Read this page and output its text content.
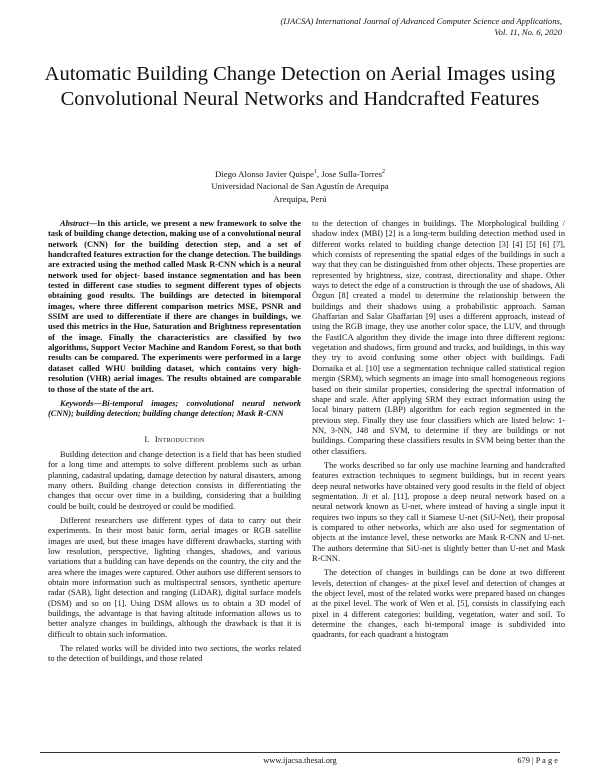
(IJACSA) International Journal of Advanced Computer Science and Applications,
Vol. 11, No. 6, 2020
Automatic Building Change Detection on Aerial Images using Convolutional Neural Networks and Handcrafted Features

Diego Alonso Javier Quispe$^1$, Jose Sulla-Torres$^2$

Universidad Nacional de San Agustín de Arequipa

Arequipa, Perú

Abstract—In this article, we present a new framework to solve the task of building change detection, making use of a convolutional neural network (CNN) for the building detection step, and a set of handcrafted features extraction for the change detection. The buildings are extracted using the method called Mask R-CNN which is a neural network used for object- based instance segmentation and has been tested in different case studies to segment different types of objects obtaining good results. The buildings are detected in bitemporal images, where three different comparison metrics MSE, PSNR and SSIM are used to differentiate if there are changes in buildings, we used this metrics in the Hue, Saturation and Brightness representation of the image. Finally the characteristics are classified by two algorithms, Support Vector Machine and Random Forest, so that both results can be compared. The experiments were performed in a large dataset called WHU building dataset, which contains very high-resolution (VHR) aerial images. The results obtained are comparable to those of the state of the art.

Keywords—Bi-temporal images; convolutional neural network (CNN); building detection; building change detection; Mask R-CNN

I. Introduction

Building detection and change detection is a field that has been studied for a long time and attempts to solve different problems such as urban planning, cadastral updating, damage detection by natural disasters, among many others. Building change detection consists in differentiating the changes that occur over time in a building, considering that a building could be built, could be destroyed or could be modified.

Different researchers use different types of data to carry out their experiments. In their most basic form, aerial images or RGB satellite images are used, but these images have different drawbacks, starting with low resolution, perspective, lighting changes, shadows, and various variations that a building can have depends on the country, the city and the area where the images were captured. Other authors use different sensors to obtain more information such as multispectral sensors, synthetic aperture radar (SAR), light detection and ranging (LiDAR), digital surface models (DSM) and so on [1]. Using DSM allows us to obtain a 3D model of buildings, the advantage is that having altitude information allows us to better analyze changes in buildings, although the drawback is that it is difficult to obtain such information.

The related works will be divided into two sections, the works related to the detection of buildings, and those related

to the detection of changes in buildings. The Morphological building / shadow index (MBI) [2] is a long-term building detection method used in different works related to building change detection [3] [4] [5] [6] [7], which consists of representing the spatial edges of the buildings in such a way that they can be distinguished from other objects. These properties are represented by brightness, size, contrast, directionality and shape. Other ways to detect the edge of a construction is through the use of shadows, Ali Özgun [8] created a model to determine the relationship between the buildings and their shadows using a probabilistic approach. Saman Ghaffarian and Salar Ghaffarian [9] uses a different approach, instead of using the RGB image, they use another color space, the LUV, and through the FastICA algorithm they divide the image into three different regions: vegetation and shadows, firm ground and tracks, and buildings, in this way they try to avoid confusing some other object with buildings. Fadi Dornaika et al. [10] use a segmentation technique called statistical region mergin (SRM), which segments an image into small homogeneous regions based on their similar properties, considering the spectral information of shape and scale. After applying SRM they extract information using the local binary pattern (LBP) algorithm for each region segmented in the previous step. Finally they use four classifiers which are listed below: 1-NN, 3-NN, J48 and SVM, to determine if they are buildings or not buildings. Comparing these classifiers results in SVM being better than the other classifiers.

The works described so far only use machine learning and handcrafted features extraction techniques to segment buildings, but in recent years deep neural networks have obtained very good results in the field of object segmentation. Ji et al. [11], propose a deep neural network based on a neural network known as U-net, where instead of having a single input it requires two inputs so they call it Siamese U-net (SiU-Net), their proposal is compared to other networks, which are also used for segmentation of objects at the instance level, these networks are Mask R-CNN and U-net. The authors determine that SiU-net is slightly better than U-net and Mask R-CNN.

The detection of changes in buildings can be done at two different levels, detection of changes- at the pixel level and detection of changes at the object level, most of the related works were prepared based on changes at the pixel level. The work of Wen et al. [5], consists in classifying each pixel in 4 different categories: building, vegetation, water and soil. To determine the changes, each bi-temporal image is subdivided into quadrants, for each quadrant a histogram

www.ijacsa.thesai.org	679 | P a g e
